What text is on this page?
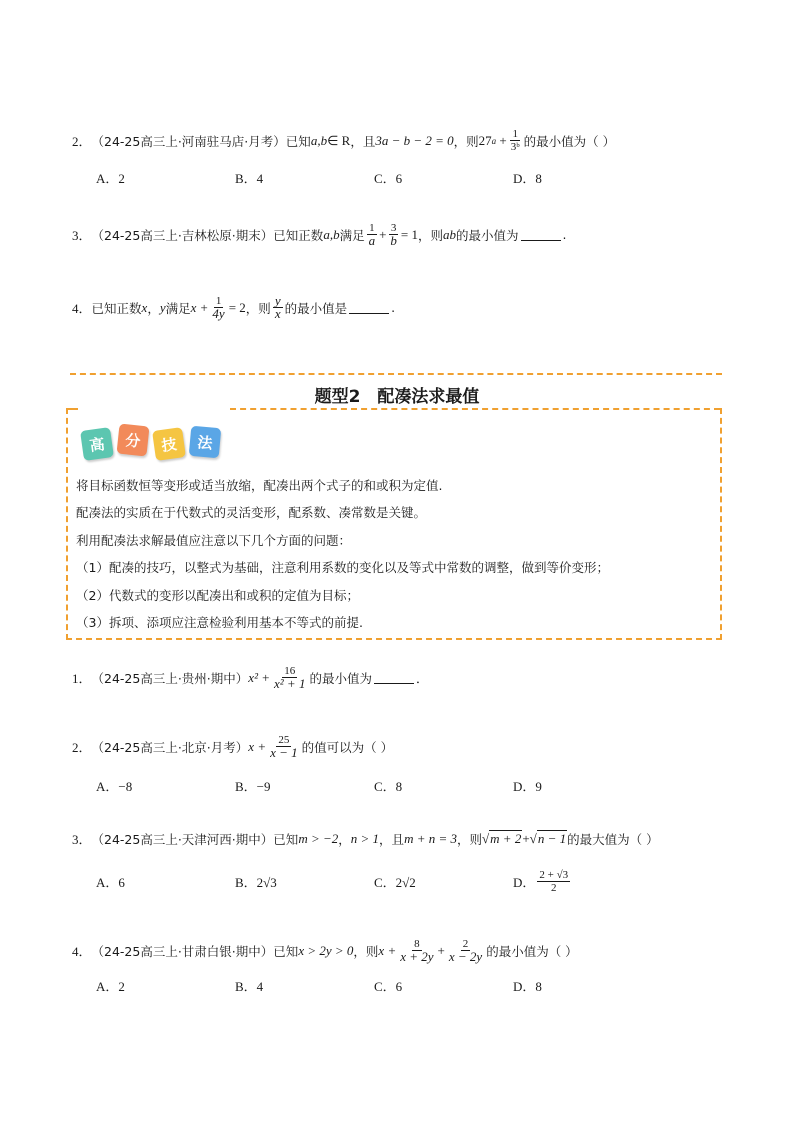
2． （24-25高三上·河南驻马店·月考） 已知 a,b ∈ R ，且 3a − b − 2 = 0 ，则 27 $a + \frac{1}{\text{3ᵇ}}$ 的最小值为（ ）
A．2	B．4	C．6	D．8
3． （24-25高三上·吉林松原·期末） 已知正数 a,b 满足 $\frac{1}{a} + \frac{3}{b} = 1$ ，则 ab 的最小值为	.
4． 已知正数 x ， y 满足 $x + \frac{1}{4y} = 2$ ，则 $\frac{y}{x}$ 的最小值是	.
题型2　配凑法求最值
高	分	技	法
将目标函数恒等变形或适当放缩，配凑出两个式子的和或积为定值.
配凑法的实质在于代数式的灵活变形，配系数、凑常数是关键。
利用配凑法求解最值应注意以下几个方面的问题：
（1）配凑的技巧，以整式为基础，注意利用系数的变化以及等式中常数的调整，做到等价变形；
（2）代数式的变形以配凑出和或积的定值为目标；
（3）拆项、添项应注意检验利用基本不等式的前提.
1． （24-25高三上·贵州·期中） $x^2 + \frac{16}{\text{x² + 1}}$ 的最小值为	．
2． （24-25高三上·北京·月考） $x + \frac{25}{x - 1}$ 的值可以为（ ）
A．−8	B．−9	C．8	D．9
3． （24-25高三上·天津河西·期中） 已知 m > −2 ， n > 1 ，且 m + n = 3 ，则 √m + 2 + √n − 1 的最大值为（ ）
A．6	B．2√3	C．2√2	D． $\frac{2 + √3}{2}$
4． （24-25高三上·甘肃白银·期中） 已知 x > 2y > 0 ，则 $x + \frac{8}{x + 2y} + \frac{2}{x - 2y}$ 的最小值为（ ）
A．2	B．4	C．6	D．8
